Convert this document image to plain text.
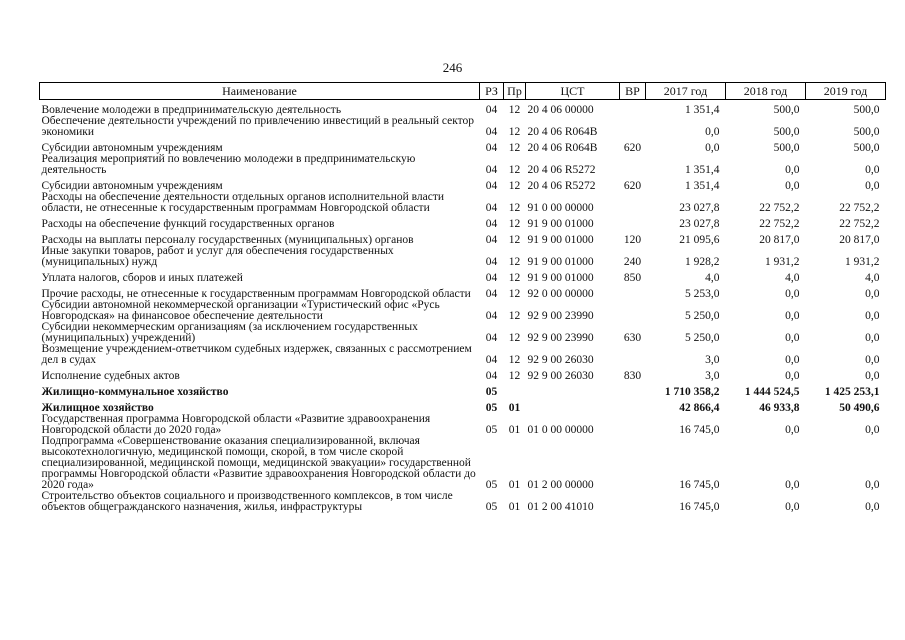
246
Наименование	РЗ	Пр	ЦСТ	ВР	2017 год	2018 год	2019 год
Вовлечение молодежи в предпринимательскую деятельность	04	12	20 4 06 00000		1 351,4	500,0	500,0
Обеспечение деятельности учреждений по привлечению инвестиций в реальный сектор экономики	04	12	20 4 06 R064B		0,0	500,0	500,0
Субсидии автономным учреждениям	04	12	20 4 06 R064B	620	0,0	500,0	500,0
Реализация мероприятий по вовлечению молодежи в предпринимательскую деятельность	04	12	20 4 06 R5272		1 351,4	0,0	0,0
Субсидии автономным учреждениям	04	12	20 4 06 R5272	620	1 351,4	0,0	0,0
Расходы на обеспечение деятельности отдельных органов исполнительной власти области, не отнесенные к государственным программам Новгородской области	04	12	91 0 00 00000		23 027,8	22 752,2	22 752,2
Расходы на обеспечение функций государственных органов	04	12	91 9 00 01000		23 027,8	22 752,2	22 752,2
Расходы на выплаты персоналу государственных (муниципальных) органов	04	12	91 9 00 01000	120	21 095,6	20 817,0	20 817,0
Иные закупки товаров, работ и услуг для обеспечения государственных (муниципальных) нужд	04	12	91 9 00 01000	240	1 928,2	1 931,2	1 931,2
Уплата налогов, сборов и иных платежей	04	12	91 9 00 01000	850	4,0	4,0	4,0
Прочие расходы, не отнесенные к государственным программам Новгородской области	04	12	92 0 00 00000		5 253,0	0,0	0,0
Субсидии автономной некоммерческой организации «Туристический офис «Русь Новгородская» на финансовое обеспечение деятельности	04	12	92 9 00 23990		5 250,0	0,0	0,0
Субсидии некоммерческим организациям (за исключением государственных (муниципальных) учреждений)	04	12	92 9 00 23990	630	5 250,0	0,0	0,0
Возмещение учреждением-ответчиком судебных издержек, связанных с рассмотрением дел в судах	04	12	92 9 00 26030		3,0	0,0	0,0
Исполнение судебных актов	04	12	92 9 00 26030	830	3,0	0,0	0,0
Жилищно-коммунальное хозяйство	05				1 710 358,2	1 444 524,5	1 425 253,1
Жилищное хозяйство	05	01			42 866,4	46 933,8	50 490,6
Государственная программа Новгородской области «Развитие здравоохранения Новгородской области до 2020 года»	05	01	01 0 00 00000		16 745,0	0,0	0,0
Подпрограмма «Совершенствование оказания специализированной, включая высокотехнологичную, медицинской помощи, скорой, в том числе скорой специализированной, медицинской помощи, медицинской эвакуации» государственной программы Новгородской области «Развитие здравоохранения Новгородской области до 2020 года»	05	01	01 2 00 00000		16 745,0	0,0	0,0
Строительство объектов социального и производственного комплексов, в том числе объектов общегражданского назначения, жилья, инфраструктуры	05	01	01 2 00 41010		16 745,0	0,0	0,0
